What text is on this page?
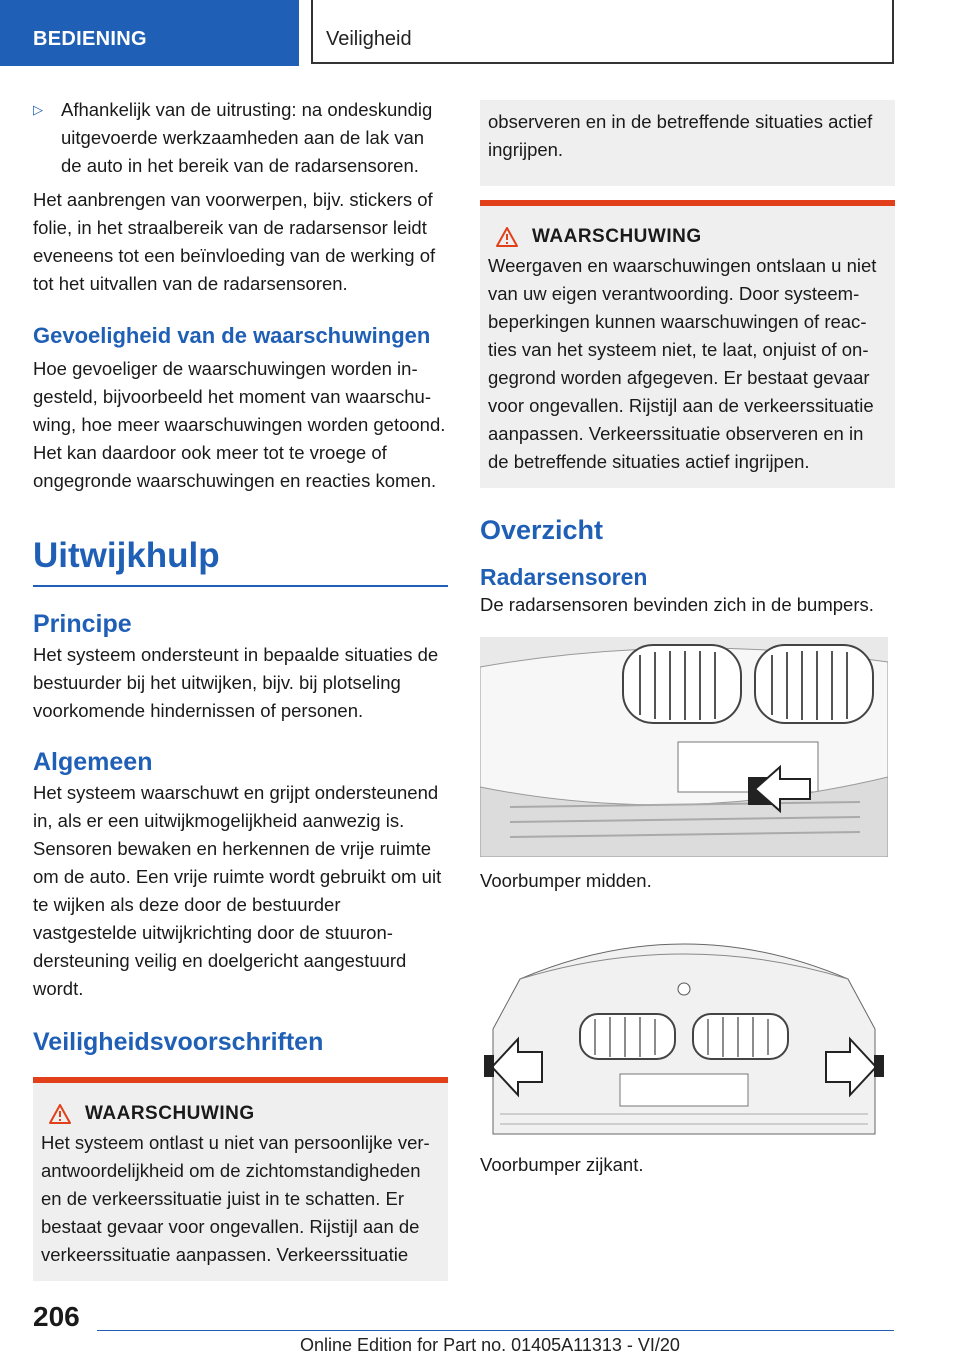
BEDIENING	Veiligheid

▷ Afhankelijk van de uitrusting: na ondeskundig uitgevoerde werkzaamheden aan de lak van de auto in het bereik van de radarsensoren.

Het aanbrengen van voorwerpen, bijv. stickers of folie, in het straalbereik van de radarsensor leidt eveneens tot een beïnvloeding van de werking of tot het uitvallen van de radarsensoren.

Gevoeligheid van de waarschuwingen

Hoe gevoeliger de waarschuwingen worden ingesteld, bijvoorbeeld het moment van waarschuwing, hoe meer waarschuwingen worden getoond. Het kan daardoor ook meer tot te vroege of ongegronde waarschuwingen en reacties komen.

Uitwijkhulp
Principe

Het systeem ondersteunt in bepaalde situaties de bestuurder bij het uitwijken, bijv. bij plotseling voorkomende hindernissen of personen.

Algemeen

Het systeem waarschuwt en grijpt ondersteunend in, als er een uitwijkmogelijkheid aanwezig is. Sensoren bewaken en herkennen de vrije ruimte om de auto. Een vrije ruimte wordt gebruikt om uit te wijken als deze door de bestuurder vastgestelde uitwijkrichting door de stuurondersteuning veilig en doelgericht aangestuurd wordt.

Veiligheidsvoorschriften
WAARSCHUWING

Het systeem ontlast u niet van persoonlijke verantwoordelijkheid om de zichtomstandigheden en de verkeerssituatie juist in te schatten. Er bestaat gevaar voor ongevallen. Rijstijl aan de verkeerssituatie aanpassen. Verkeerssituatie

observeren en in de betreffende situaties actief ingrijpen.

WAARSCHUWING

Weergaven en waarschuwingen ontslaan u niet van uw eigen verantwoording. Door systeembeperkingen kunnen waarschuwingen of reacties van het systeem niet, te laat, onjuist of ongegrond worden afgegeven. Er bestaat gevaar voor ongevallen. Rijstijl aan de verkeerssituatie aanpassen. Verkeerssituatie observeren en in de betreffende situaties actief ingrijpen.

Overzicht
Radarsensoren

De radarsensoren bevinden zich in de bumpers.

Voorbumper midden.

Voorbumper zijkant.

206
Online Edition for Part no. 01405A11313 - VI/20
